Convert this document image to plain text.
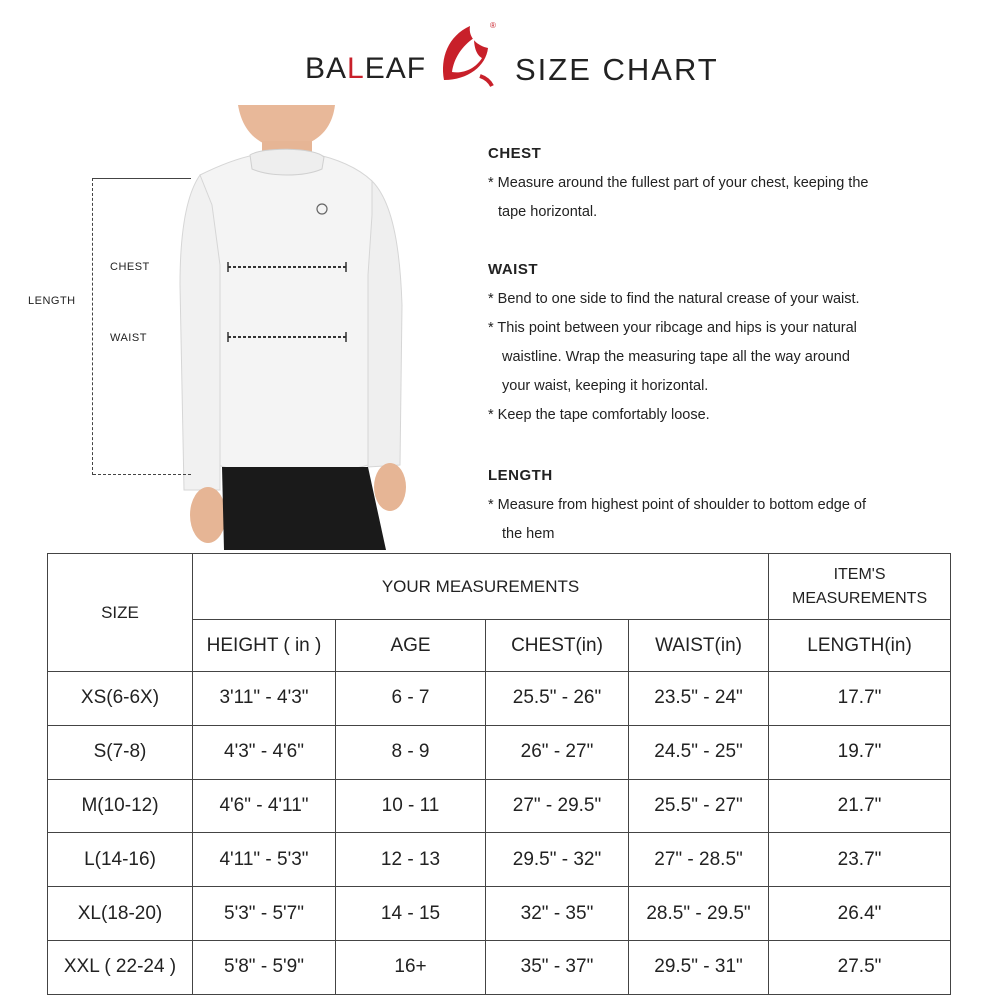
BALEAF
®
SIZE CHART
LENGTH
CHEST
WAIST
CHEST
* Measure around the fullest part of your chest, keeping the
tape horizontal.
WAIST
* Bend to one side to find the natural crease of your waist.
* This point between your ribcage and hips is your natural
waistline. Wrap the measuring tape all the way around
your waist, keeping it horizontal.
* Keep the tape comfortably loose.
LENGTH
* Measure from highest point of shoulder to bottom edge of
the hem
SIZE	YOUR MEASUREMENTS				ITEM'S
MEASUREMENTS

	HEIGHT ( in )	AGE	CHEST(in)	WAIST(in)	LENGTH(in)
XS(6-6X)	3'11" - 4'3"	6 - 7	25.5" - 26"	23.5" - 24"	17.7"
S(7-8)	4'3" - 4'6"	8 - 9	26" - 27"	24.5" - 25"	19.7"
M(10-12)	4'6" - 4'11"	10 - 11	27" - 29.5"	25.5" - 27"	21.7"
L(14-16)	4'11" - 5'3"	12 - 13	29.5" - 32"	27" - 28.5"	23.7"
XL(18-20)	5'3" - 5'7"	14 - 15	32" - 35"	28.5" - 29.5"	26.4"
XXL ( 22-24 )	5'8" - 5'9"	16+	35" - 37"	29.5" - 31"	27.5"
